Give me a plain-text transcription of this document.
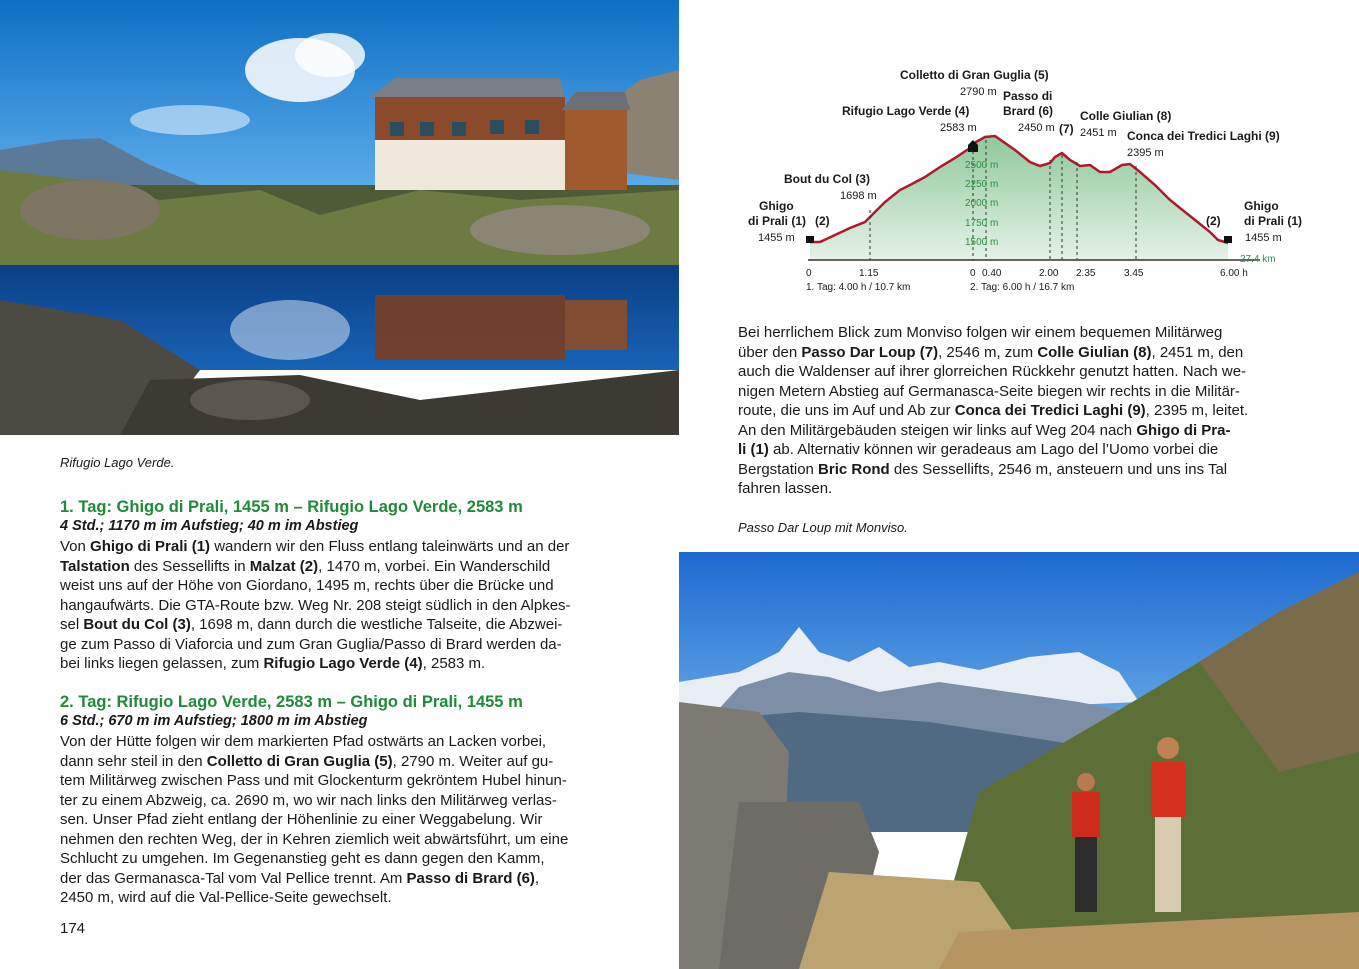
Rifugio Lago Verde.
1. Tag: Ghigo di Prali, 1455 m – Rifugio Lago Verde, 2583 m
4 Std.; 1170 m im Aufstieg; 40 m im Abstieg
Von Ghigo di Prali (1) wandern wir den Fluss entlang taleinwärts und an der
Talstation des Sessellifts in Malzat (2), 1470 m, vorbei. Ein Wanderschild
weist uns auf der Höhe von Giordano, 1495 m, rechts über die Brücke und
hangaufwärts. Die GTA-Route bzw. Weg Nr. 208 steigt südlich in den Alpkes-
sel Bout du Col (3), 1698 m, dann durch die westliche Talseite, die Abzwei-
ge zum Passo di Viaforcia und zum Gran Guglia/Passo di Brard werden da-
bei links liegen gelassen, zum Rifugio Lago Verde (4), 2583 m.
2. Tag: Rifugio Lago Verde, 2583 m – Ghigo di Prali, 1455 m
6 Std.; 670 m im Aufstieg; 1800 m im Abstieg
Von der Hütte folgen wir dem markierten Pfad ostwärts an Lacken vorbei,
dann sehr steil in den Colletto di Gran Guglia (5), 2790 m. Weiter auf gu-
tem Militärweg zwischen Pass und mit Glockenturm gekröntem Hubel hinun-
ter zu einem Abzweig, ca. 2690 m, wo wir nach links den Militärweg verlas-
sen. Unser Pfad zieht entlang der Höhenlinie zu einer Weggabelung. Wir
nehmen den rechten Weg, der in Kehren ziemlich weit abwärtsführt, um eine
Schlucht zu umgehen. Im Gegenanstieg geht es dann gegen den Kamm,
der das Germanasca-Tal vom Val Pellice trennt. Am Passo di Brard (6),
2450 m, wird auf die Val-Pellice-Seite gewechselt.
174
2500 m
2250 m
2000 m
1750 m
1500 m
0	1.15	0 0.40	2.00 2.35	3.45	6.00 h
27.4 km
1. Tag: 4.00 h / 10.7 km	2. Tag: 6.00 h / 16.7 km
Colletto di Gran Guglia (5)
Passo di
Brard (6)
Rifugio Lago Verde (4)	Colle Giulian (8)
Conca dei Tredici Laghi (9)
Bout du Col (3)
Ghigo
di Prali (1)
Ghigo
di Prali (1)
(2)	(2)
(7)
2790 m
2450 m
2583 m	2451 m
2395 m
1698 m
1455 m	1455 m
Bei herrlichem Blick zum Monviso folgen wir einem bequemen Militärweg
über den Passo Dar Loup (7), 2546 m, zum Colle Giulian (8), 2451 m, den
auch die Waldenser auf ihrer glorreichen Rückkehr genutzt hatten. Nach we-
nigen Metern Abstieg auf Germanasca-Seite biegen wir rechts in die Militär-
route, die uns im Auf und Ab zur Conca dei Tredici Laghi (9), 2395 m, leitet.
An den Militärgebäuden steigen wir links auf Weg 204 nach Ghigo di Pra-
li (1) ab. Alternativ können wir geradeaus am Lago del l’Uomo vorbei die
Bergstation Bric Rond des Sessellifts, 2546 m, ansteuern und uns ins Tal
fahren lassen.
Passo Dar Loup mit Monviso.
